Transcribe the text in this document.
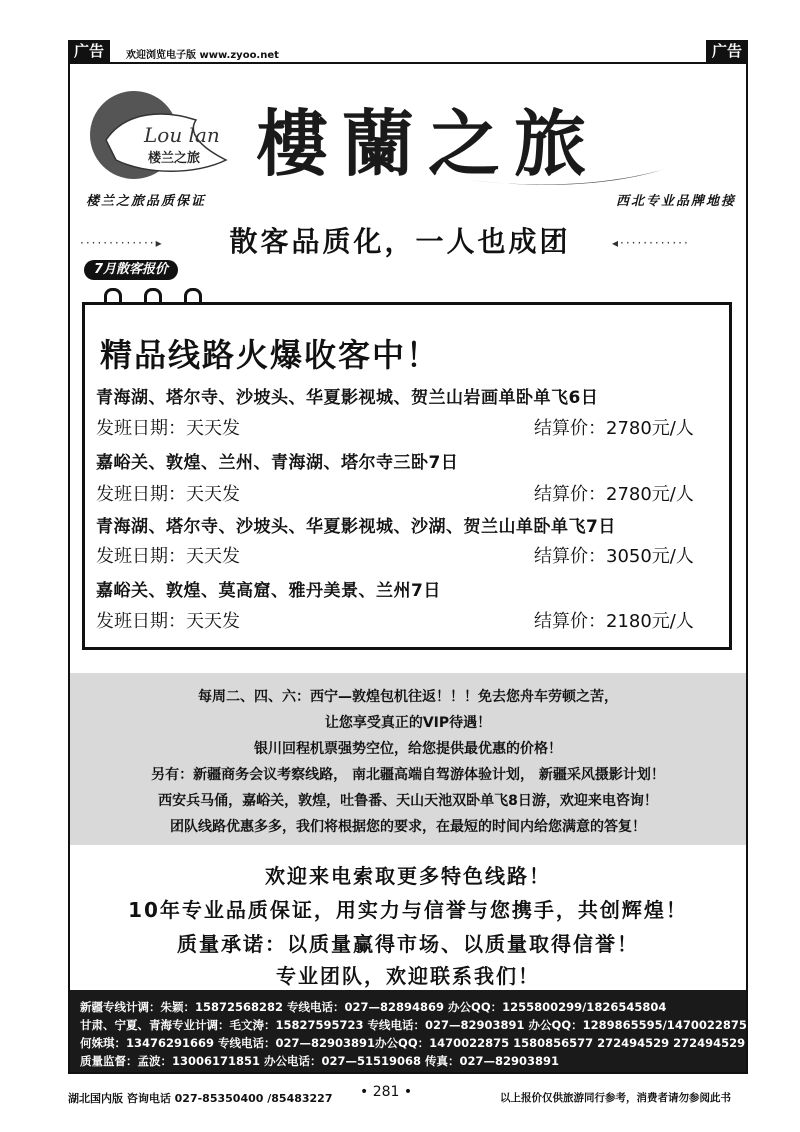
广告	欢迎浏览电子版 www.zyoo.net	广告
Lou lan
楼兰之旅 樓蘭之旅
楼兰之旅品质保证	西北专业品牌地接
·············▸	散客品质化，一人也成团	◂············
7月散客报价
精品线路火爆收客中！
青海湖、塔尔寺、沙坡头、华夏影视城、贺兰山岩画单卧单飞6日
发班日期：天天发	结算价：2780元/人
嘉峪关、敦煌、兰州、青海湖、塔尔寺三卧7日
发班日期：天天发	结算价：2780元/人
青海湖、塔尔寺、沙坡头、华夏影视城、沙湖、贺兰山单卧单飞7日
发班日期：天天发	结算价：3050元/人
嘉峪关、敦煌、莫高窟、雅丹美景、兰州7日
发班日期：天天发	结算价：2180元/人
每周二、四、六：西宁—敦煌包机往返！！！免去您舟车劳顿之苦，
让您享受真正的VIP待遇！
银川回程机票强势空位，给您提供最优惠的价格！
另有：新疆商务会议考察线路， 南北疆高端自驾游体验计划， 新疆采风摄影计划！
西安兵马俑，嘉峪关，敦煌，吐鲁番、天山天池双卧单飞8日游，欢迎来电咨询！
团队线路优惠多多，我们将根据您的要求，在最短的时间内给您满意的答复！
欢迎来电索取更多特色线路！
10年专业品质保证，用实力与信誉与您携手，共创辉煌！
质量承诺：以质量赢得市场、以质量取得信誉！
专业团队，欢迎联系我们！
新疆专线计调：朱颖：15872568282 专线电话：027—82894869 办公QQ：1255800299/1826545804
甘肃、宁夏、青海专业计调：毛文涛：15827595723 专线电话：027—82903891 办公QQ：1289865595/1470022875
何姝琪：13476291669 专线电话：027—82903891办公QQ：1470022875 1580856577 272494529 272494529
质量监督：孟波：13006171851 办公电话：027—51519068 传真：027—82903891
湖北国内版 咨询电话 027-85350400 /85483227 • 281 •	以上报价仅供旅游同行参考，消费者请勿参阅此书
